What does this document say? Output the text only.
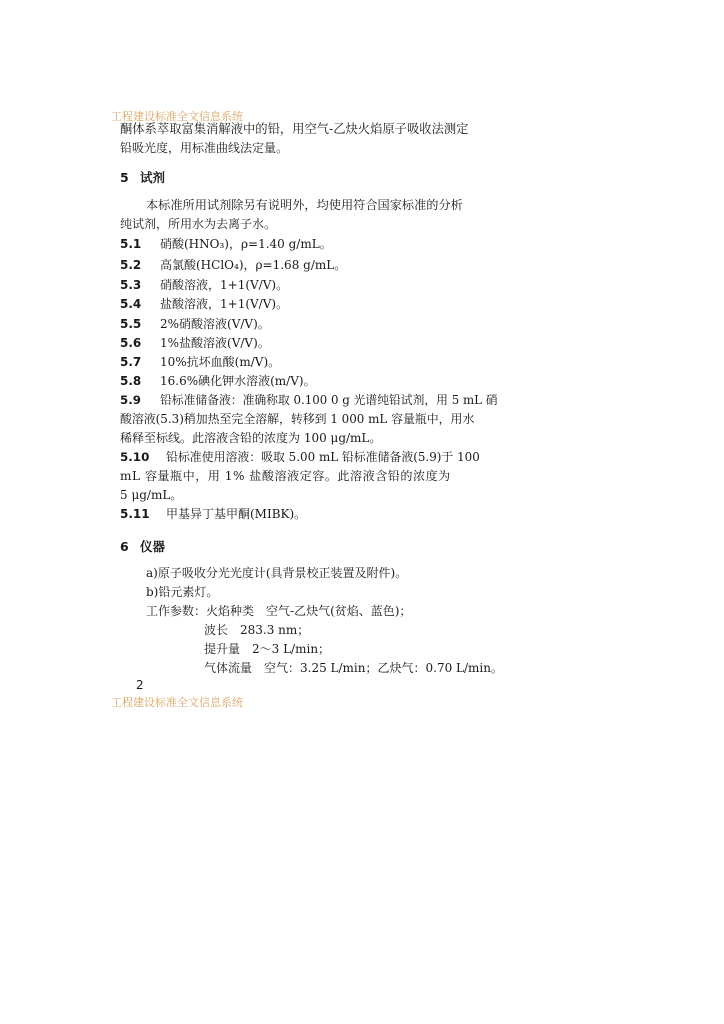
工程建设标准全文信息系统
酮体系萃取富集消解液中的铅，用空气-乙炔火焰原子吸收法测定
铅吸光度，用标准曲线法定量。
5 试剂
本标准所用试剂除另有说明外，均使用符合国家标准的分析
纯试剂，所用水为去离子水。
5.1 硝酸(HNO₃)，ρ=1.40 g/mL。
5.2 高氯酸(HClO₄)，ρ=1.68 g/mL。
5.3 硝酸溶液，1+1(V/V)。
5.4 盐酸溶液，1+1(V/V)。
5.5 2%硝酸溶液(V/V)。
5.6 1%盐酸溶液(V/V)。
5.7 10%抗坏血酸(m/V)。
5.8 16.6%碘化钾水溶液(m/V)。
5.9 铅标准储备液：准确称取 0.100 0 g 光谱纯铅试剂，用 5 mL 硝
酸溶液(5.3)稍加热至完全溶解，转移到 1 000 mL 容量瓶中，用水
稀释至标线。此溶液含铅的浓度为 100 μg/mL。
5.10 铅标准使用溶液：吸取 5.00 mL 铅标准储备液(5.9)于 100
mL 容量瓶中，用 1% 盐酸溶液定容。此溶液含铅的浓度为
5 μg/mL。
5.11 甲基异丁基甲酮(MIBK)。
6 仪器
a)原子吸收分光光度计(具背景校正装置及附件)。
b)铅元素灯。
工作参数：火焰种类　空气-乙炔气(贫焰、蓝色)；
波长　283.3 nm；
提升量　2～3 L/min；
气体流量　空气：3.25 L/min；乙炔气：0.70 L/min。
2
工程建设标准全文信息系统
